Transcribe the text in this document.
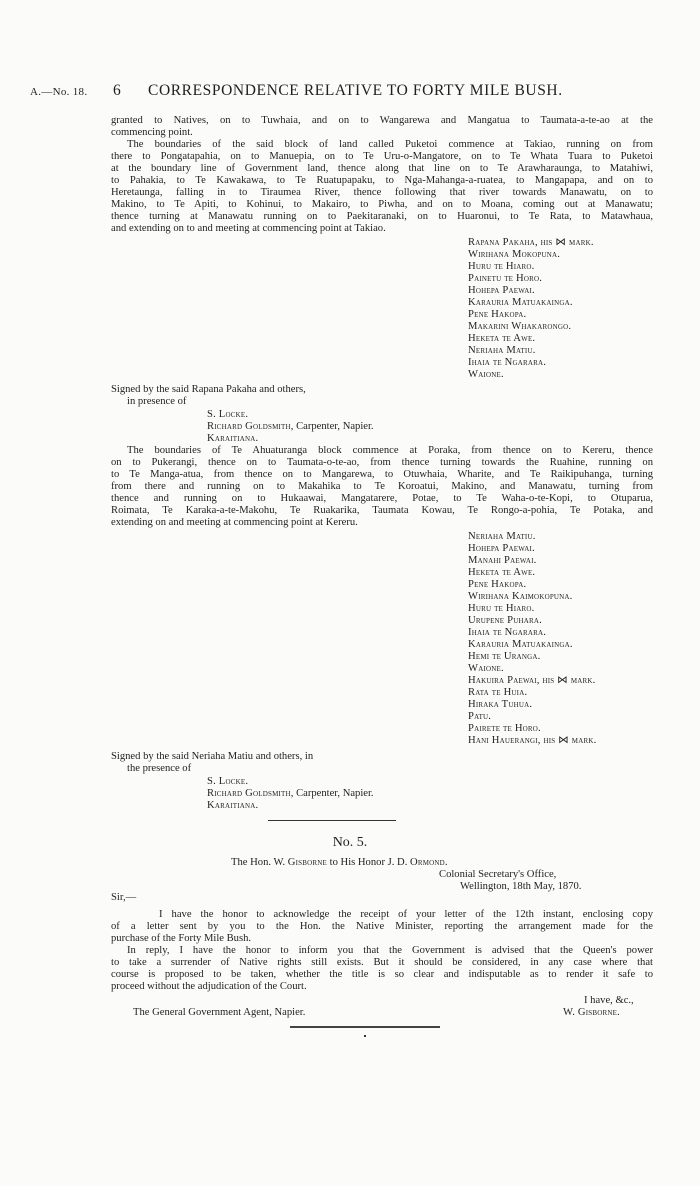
A.—No. 18. 6 CORRESPONDENCE RELATIVE TO FORTY MILE BUSH.
granted to Natives, on to Tuwhaia, and on to Wangarewa and Mangatua to Taumata-a-te-ao at the
commencing point.
The boundaries of the said block of land called Puketoi commence at Takiao, running on from
there to Pongatapahia, on to Manuepia, on to Te Uru-o-Mangatore, on to Te Whata Tuara to Puketoi
at the boundary line of Government land, thence along that line on to Te Arawharaunga, to Matahiwi,
to Pahakia, to Te Kawakawa, to Te Ruatupapaku, to Nga-Mahanga-a-ruatea, to Mangapapa, and on to
Heretaunga, falling in to Tiraumea River, thence following that river towards Manawatu, on to
Makino, to Te Apiti, to Kohinui, to Makairo, to Piwha, and on to Moana, coming out at Manawatu;
thence turning at Manawatu running on to Paekitaranaki, on to Huaronui, to Te Rata, to Matawhaua,
and extending on to and meeting at commencing point at Takiao.
Rapana Pakaha, his ⋈ mark.
Wirihana Mokopuna.
Huru te Hiaro.
Painetu te Horo.
Hohepa Paewai.
Karauria Matuakainga.
Pene Hakopa.
Makarini Whakarongo.
Heketa te Awe.
Neriaha Matiu.
Ihaia te Ngarara.
Waione.
Signed by the said Rapana Pakaha and others,
in presence of
S. Locke.
Richard Goldsmith, Carpenter, Napier.
Karaitiana.
The boundaries of Te Ahuaturanga block commence at Poraka, from thence on to Kereru, thence
on to Pukerangi, thence on to Taumata-o-te-ao, from thence turning towards the Ruahine, running on
to Te Manga-atua, from thence on to Mangarewa, to Otuwhaia, Wharite, and Te Raikipuhanga, turning
from there and running on to Makahika to Te Koroatui, Makino, and Manawatu, turning from
thence and running on to Hukaawai, Mangatarere, Potae, to Te Waha-o-te-Kopi, to Otuparua,
Roimata, Te Karaka-a-te-Makohu, Te Ruakarika, Taumata Kowau, Te Rongo-a-pohia, Te Potaka, and
extending on and meeting at commencing point at Kereru.
Neriaha Matiu.
Hohepa Paewai.
Manahi Paewai.
Heketa te Awe.
Pene Hakopa.
Wirihana Kaimokopuna.
Huru te Hiaro.
Urupene Puhara.
Ihaia te Ngarara.
Karauria Matuakainga.
Hemi te Uranga.
Waione.
Hakuira Paewai, his ⋈ mark.
Rata te Huia.
Hiraka Tuhua.
Patu.
Pairete te Horo.
Hani Hauerangi, his ⋈ mark.
Signed by the said Neriaha Matiu and others, in
the presence of
S. Locke.
Richard Goldsmith, Carpenter, Napier.
Karaitiana.
No. 5.
The Hon. W. Gisborne to His Honor J. D. Ormond.
Colonial Secretary's Office,
Wellington, 18th May, 1870.
Sir,—
I have the honor to acknowledge the receipt of your letter of the 12th instant, enclosing copy
of a letter sent by you to the Hon. the Native Minister, reporting the arrangement made for the
purchase of the Forty Mile Bush.
In reply, I have the honor to inform you that the Government is advised that the Queen's power
to take a surrender of Native rights still exists. But it should be considered, in any case where that
course is proposed to be taken, whether the title is so clear and indisputable as to render it safe to
proceed without the adjudication of the Court.
I have, &c.,
The General Government Agent, Napier.	W. Gisborne.
